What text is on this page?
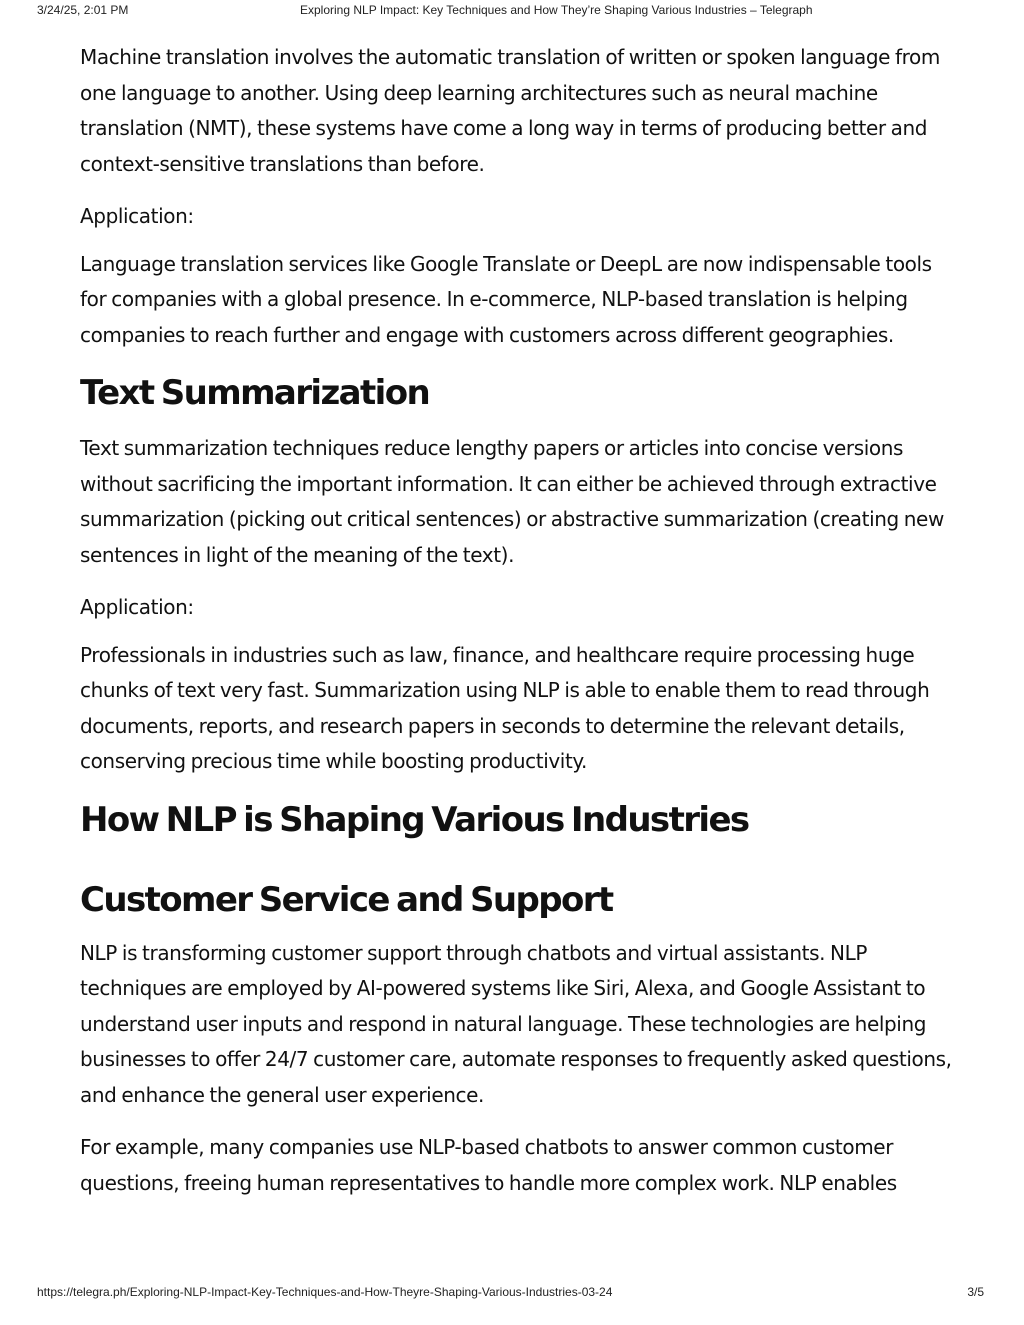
3/24/25, 2:01 PM	Exploring NLP Impact: Key Techniques and How They’re Shaping Various Industries – Telegraph

Machine translation involves the automatic translation of written or spoken language from one language to another. Using deep learning architectures such as neural machine translation (NMT), these systems have come a long way in terms of producing better and context-sensitive translations than before.

Application:

Language translation services like Google Translate or DeepL are now indispensable tools for companies with a global presence. In e-commerce, NLP-based translation is helping companies to reach further and engage with customers across different geographies.

Text Summarization

Text summarization techniques reduce lengthy papers or articles into concise versions without sacrificing the important information. It can either be achieved through extractive summarization (picking out critical sentences) or abstractive summarization (creating new sentences in light of the meaning of the text).

Application:

Professionals in industries such as law, finance, and healthcare require processing huge chunks of text very fast. Summarization using NLP is able to enable them to read through documents, reports, and research papers in seconds to determine the relevant details, conserving precious time while boosting productivity.

How NLP is Shaping Various Industries
Customer Service and Support

NLP is transforming customer support through chatbots and virtual assistants. NLP techniques are employed by AI-powered systems like Siri, Alexa, and Google Assistant to understand user inputs and respond in natural language. These technologies are helping businesses to offer 24/7 customer care, automate responses to frequently asked questions, and enhance the general user experience.

For example, many companies use NLP-based chatbots to answer common customer questions, freeing human representatives to handle more complex work. NLP enables

https://telegra.ph/Exploring-NLP-Impact-Key-Techniques-and-How-Theyre-Shaping-Various-Industries-03-24	3/5
